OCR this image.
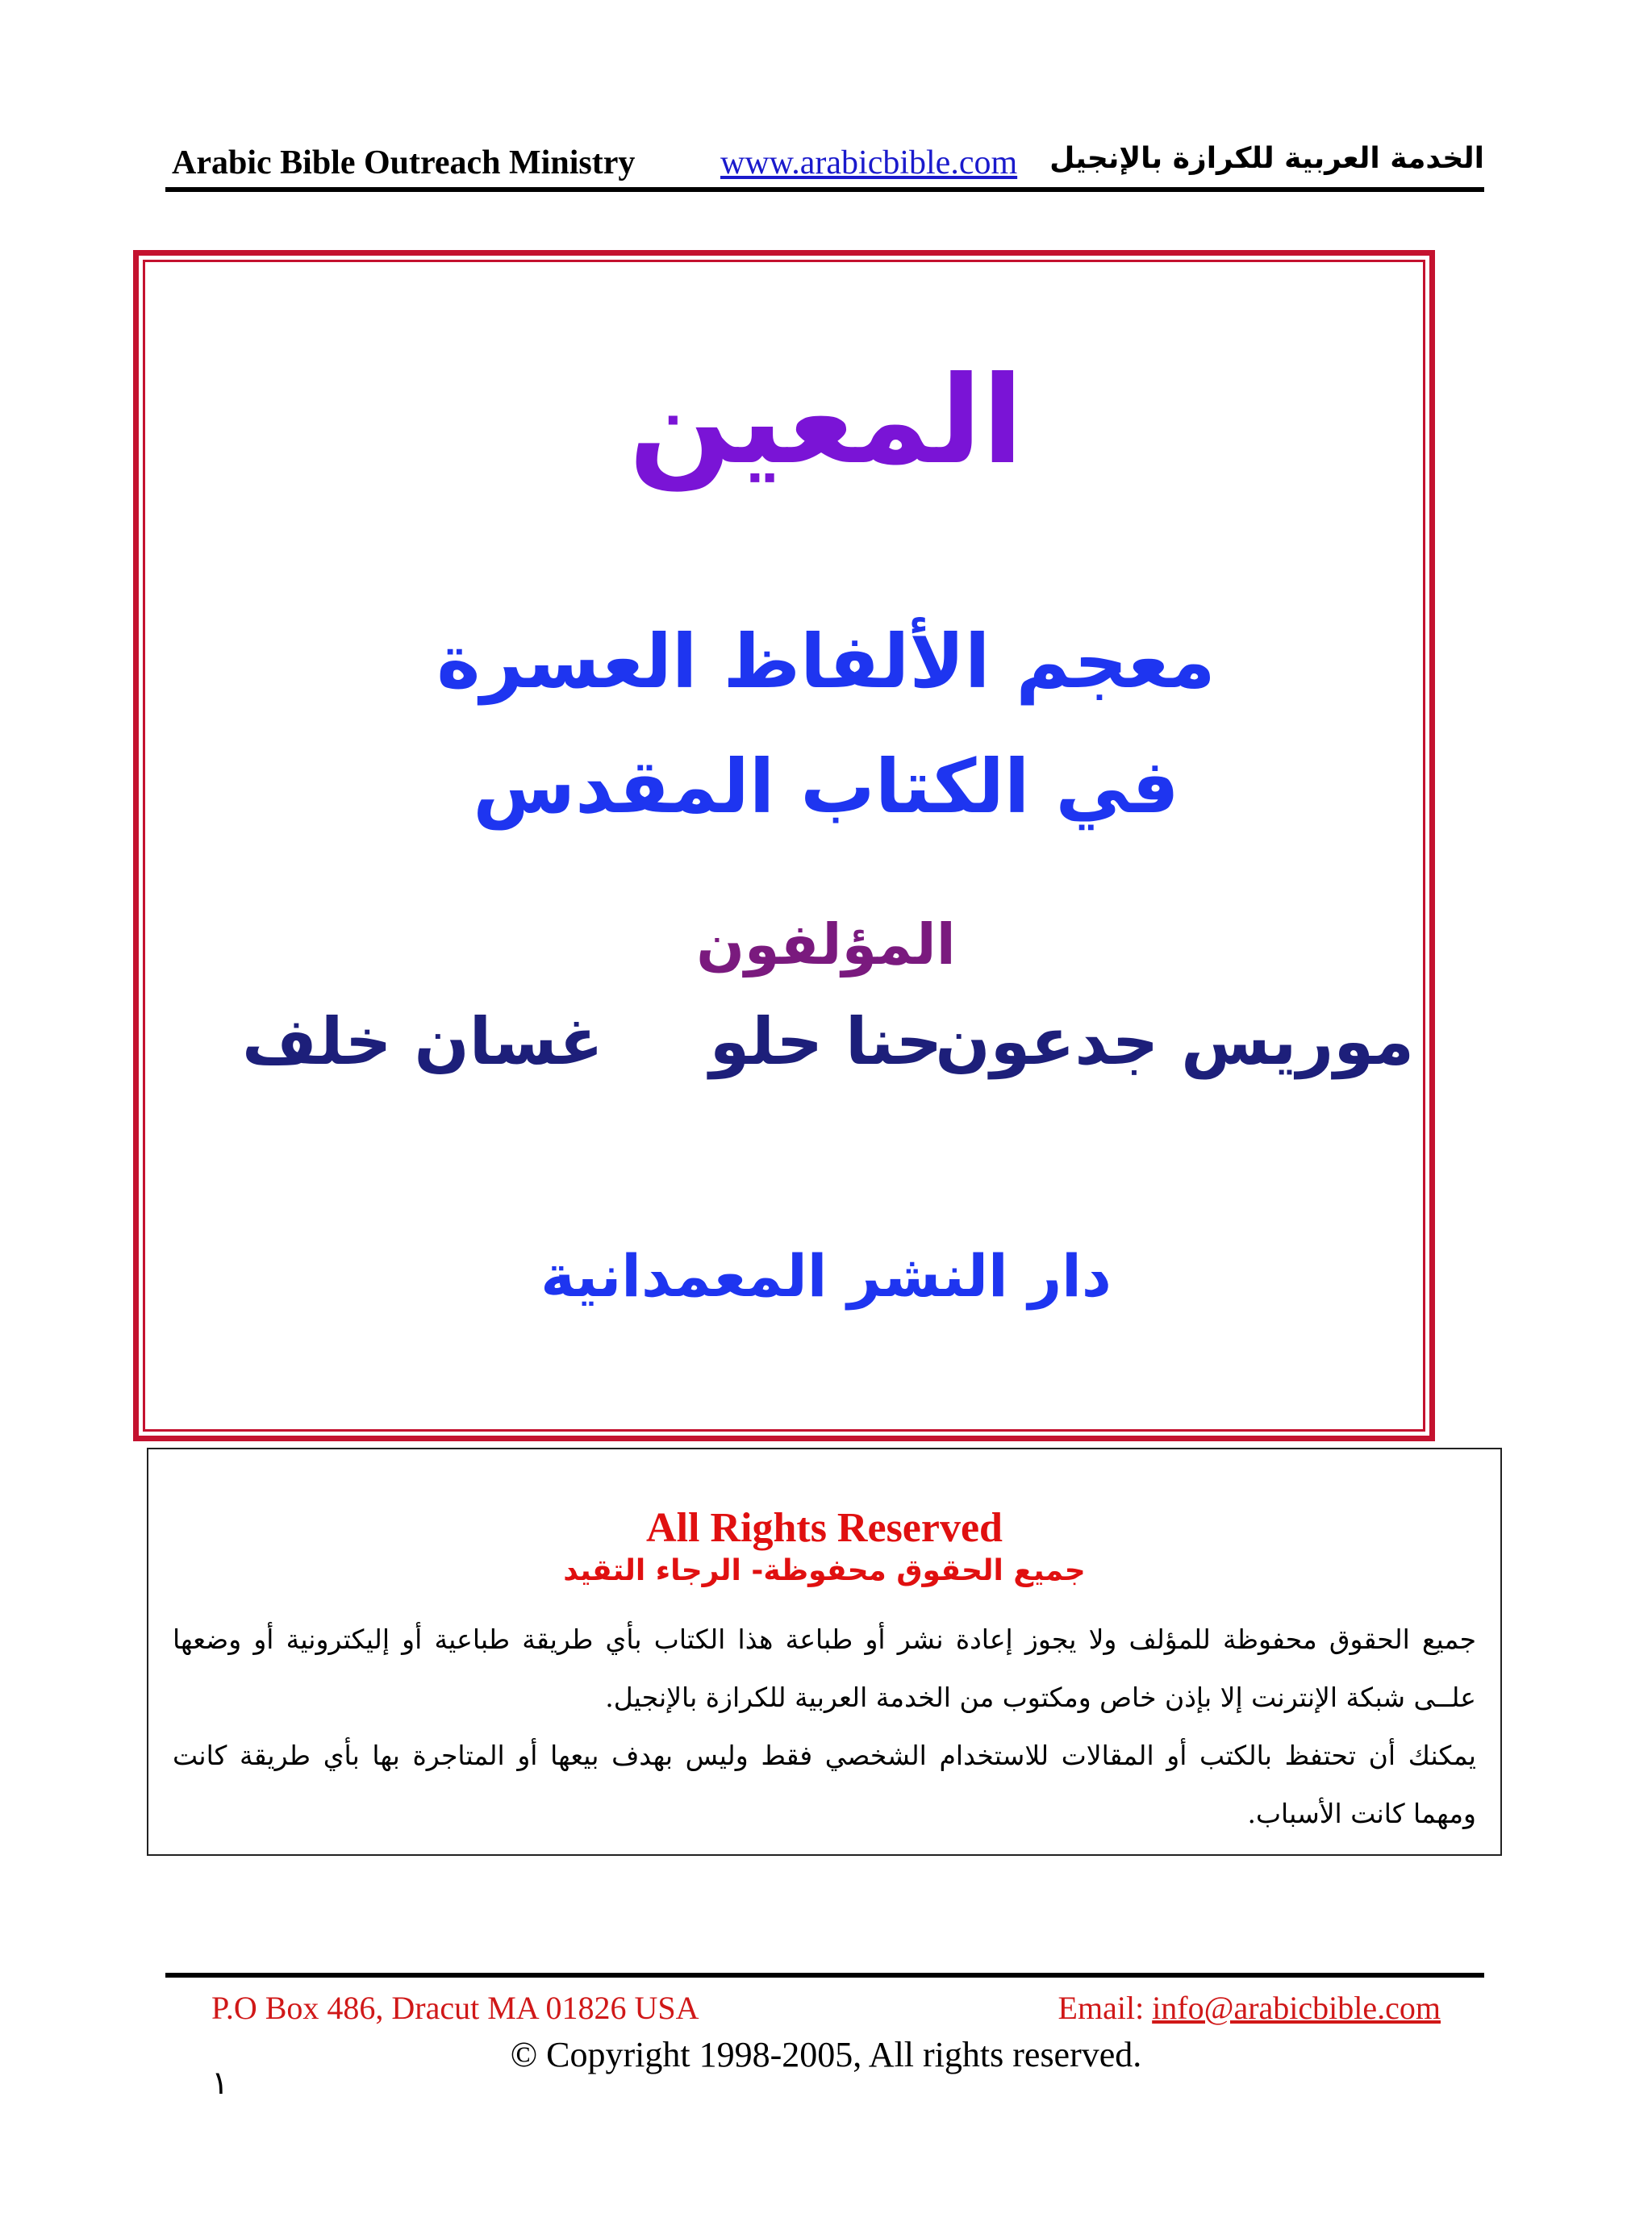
Arabic Bible Outreach Ministry	www.arabicbible.com الخدمة العربية للكرازة بالإنجيل
المعين
معجم الألفاظ العسرة
في الكتاب المقدس
المؤلفون
موريس جدعون
حنا حلو
غسان خلف
دار النشر المعمدانية
All Rights Reserved
جميع الحقوق محفوظة- الرجاء التقيد

جميع الحقوق محفوظة للمؤلف ولا يجوز إعادة نشر أو طباعة هذا الكتاب بأي طريقة طباعية أو إليكترونية أو وضعها علــى شبكة الإنترنت إلا بإذن خاص ومكتوب من الخدمة العربية للكرازة بالإنجيل.

يمكنك أن تحتفظ بالكتب أو المقالات للاستخدام الشخصي فقط وليس بهدف بيعها أو المتاجرة بها بأي طريقة كانت ومهما كانت الأسباب.

P.O Box 486, Dracut MA 01826 USA	Email: info@arabicbible.com
© Copyright 1998-2005, All rights reserved.
١
